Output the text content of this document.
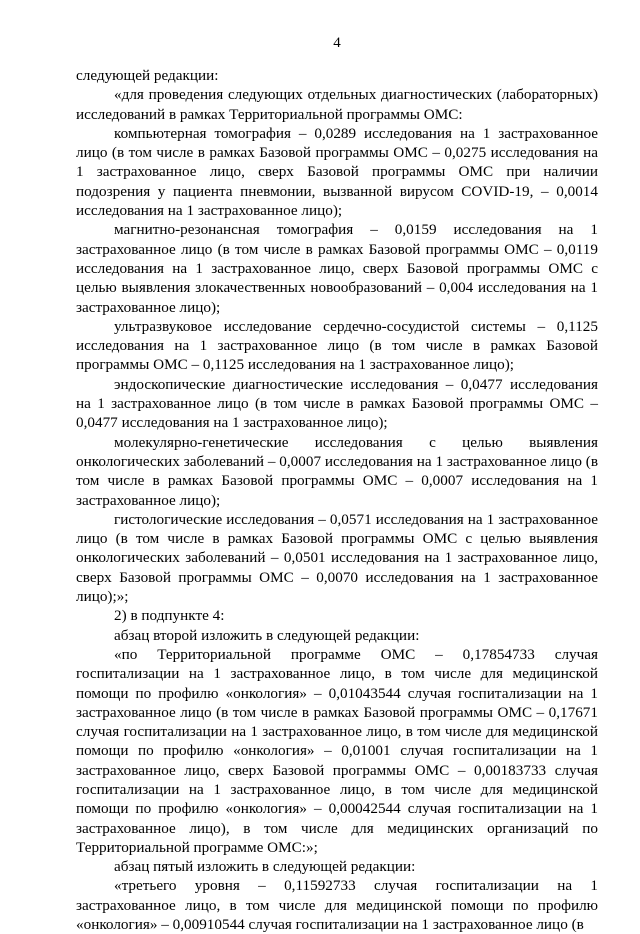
4

следующей редакции:

«для проведения следующих отдельных диагностических (лабораторных) исследований в рамках Территориальной программы ОМС:

компьютерная томография – 0,0289 исследования на 1 застрахованное лицо (в том числе в рамках Базовой программы ОМС – 0,0275 исследования на 1 застрахованное лицо, сверх Базовой программы ОМС при наличии подозрения у пациента пневмонии, вызванной вирусом COVID-19, – 0,0014 исследования на 1 застрахованное лицо);

магнитно-резонансная томография – 0,0159 исследования на 1 застрахованное лицо (в том числе в рамках Базовой программы ОМС – 0,0119 исследования на 1 застрахованное лицо, сверх Базовой программы ОМС с целью выявления злокачественных новообразований – 0,004 исследования на 1 застрахованное лицо);

ультразвуковое исследование сердечно-сосудистой системы – 0,1125 исследования на 1 застрахованное лицо (в том числе в рамках Базовой программы ОМС – 0,1125 исследования на 1 застрахованное лицо);

эндоскопические диагностические исследования – 0,0477 исследования на 1 застрахованное лицо (в том числе в рамках Базовой программы ОМС – 0,0477 исследования на 1 застрахованное лицо);

молекулярно-генетические исследования с целью выявления онкологических заболеваний – 0,0007 исследования на 1 застрахованное лицо (в том числе в рамках Базовой программы ОМС – 0,0007 исследования на 1 застрахованное лицо);

гистологические исследования – 0,0571 исследования на 1 застрахованное лицо (в том числе в рамках Базовой программы ОМС с целью выявления онкологических заболеваний – 0,0501 исследования на 1 застрахованное лицо, сверх Базовой программы ОМС – 0,0070 исследования на 1 застрахованное лицо);»;

2) в подпункте 4:

абзац второй изложить в следующей редакции:

«по Территориальной программе ОМС – 0,17854733 случая госпитализации на 1 застрахованное лицо, в том числе для медицинской помощи по профилю «онкология» – 0,01043544 случая госпитализации на 1 застрахованное лицо (в том числе в рамках Базовой программы ОМС – 0,17671 случая госпитализации на 1 застрахованное лицо, в том числе для медицинской помощи по профилю «онкология» – 0,01001 случая госпитализации на 1 застрахованное лицо, сверх Базовой программы ОМС – 0,00183733 случая госпитализации на 1 застрахованное лицо, в том числе для медицинской помощи по профилю «онкология» – 0,00042544 случая госпитализации на 1 застрахованное лицо), в том числе для медицинских организаций по Территориальной программе ОМС:»;

абзац пятый изложить в следующей редакции:

«третьего уровня – 0,11592733 случая госпитализации на 1 застрахованное лицо, в том числе для медицинской помощи по профилю «онкология» – 0,00910544 случая госпитализации на 1 застрахованное лицо (в
